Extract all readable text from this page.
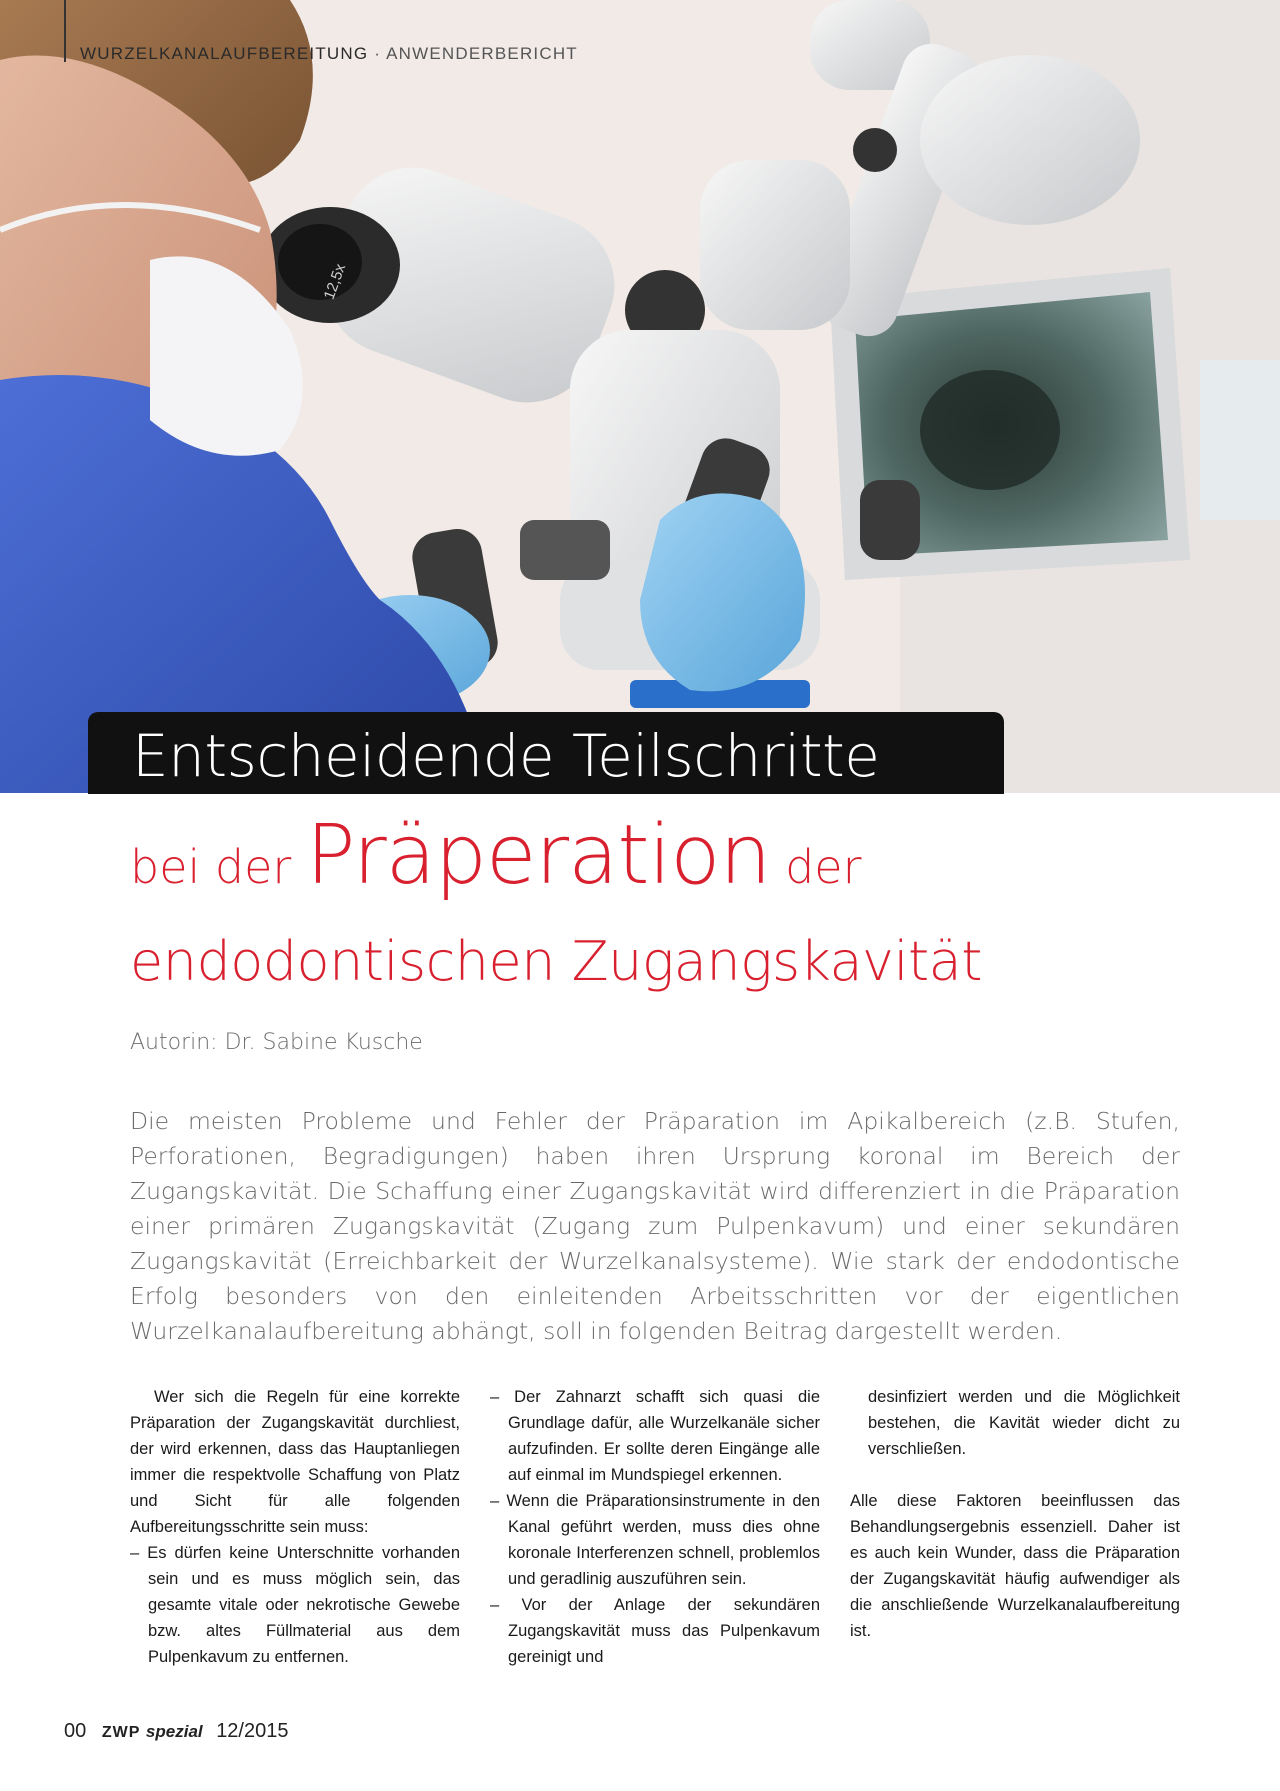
12,5x
WURZELKANALAUFBEREITUNG · ANWENDERBERICHT
Entscheidende Teilschritte
bei der Präperation der
endodontischen Zugangskavität
Autorin: Dr. Sabine Kusche
Die meisten Probleme und Fehler der Präparation im Apikalbereich (z.B. Stufen, Perforationen, Begradigungen) haben ihren Ursprung koronal im Bereich der Zugangskavität. Die Schaffung einer Zugangskavität wird differenziert in die Präparation einer primären Zugangskavität (Zugang zum Pulpenkavum) und einer sekundären Zugangskavität (Erreichbarkeit der Wurzelkanalsysteme). Wie stark der endodontische Erfolg besonders von den einleitenden Arbeitsschritten vor der eigentlichen Wurzelkanalaufbereitung abhängt, soll in folgenden Beitrag dargestellt werden.

Wer sich die Regeln für eine korrekte Präparation der Zugangskavität durchliest, der wird erkennen, dass das Hauptanliegen immer die respektvolle Schaffung von Platz und Sicht für alle folgenden Aufbereitungsschritte sein muss:

– Es dürfen keine Unterschnitte vorhanden sein und es muss möglich sein, das gesamte vitale oder nekrotische Gewebe bzw. altes Füllmaterial aus dem Pulpenkavum zu entfernen.

– Der Zahnarzt schafft sich quasi die Grundlage dafür, alle Wurzelkanäle sicher aufzufinden. Er sollte deren Eingänge alle auf einmal im Mundspiegel erkennen.

– Wenn die Präparationsinstrumente in den Kanal geführt werden, muss dies ohne koronale Interferenzen schnell, problemlos und geradlinig auszuführen sein.

– Vor der Anlage der sekundären Zugangskavität muss das Pulpenkavum gereinigt und

desinfiziert werden und die Möglichkeit bestehen, die Kavität wieder dicht zu verschließen.

Alle diese Faktoren beeinflussen das Behandlungsergebnis essenziell. Daher ist es auch kein Wunder, dass die Präparation der Zugangskavität häufig aufwendiger als die anschließende Wurzelkanalaufbereitung ist.

00 ZWP spezial 12/2015
